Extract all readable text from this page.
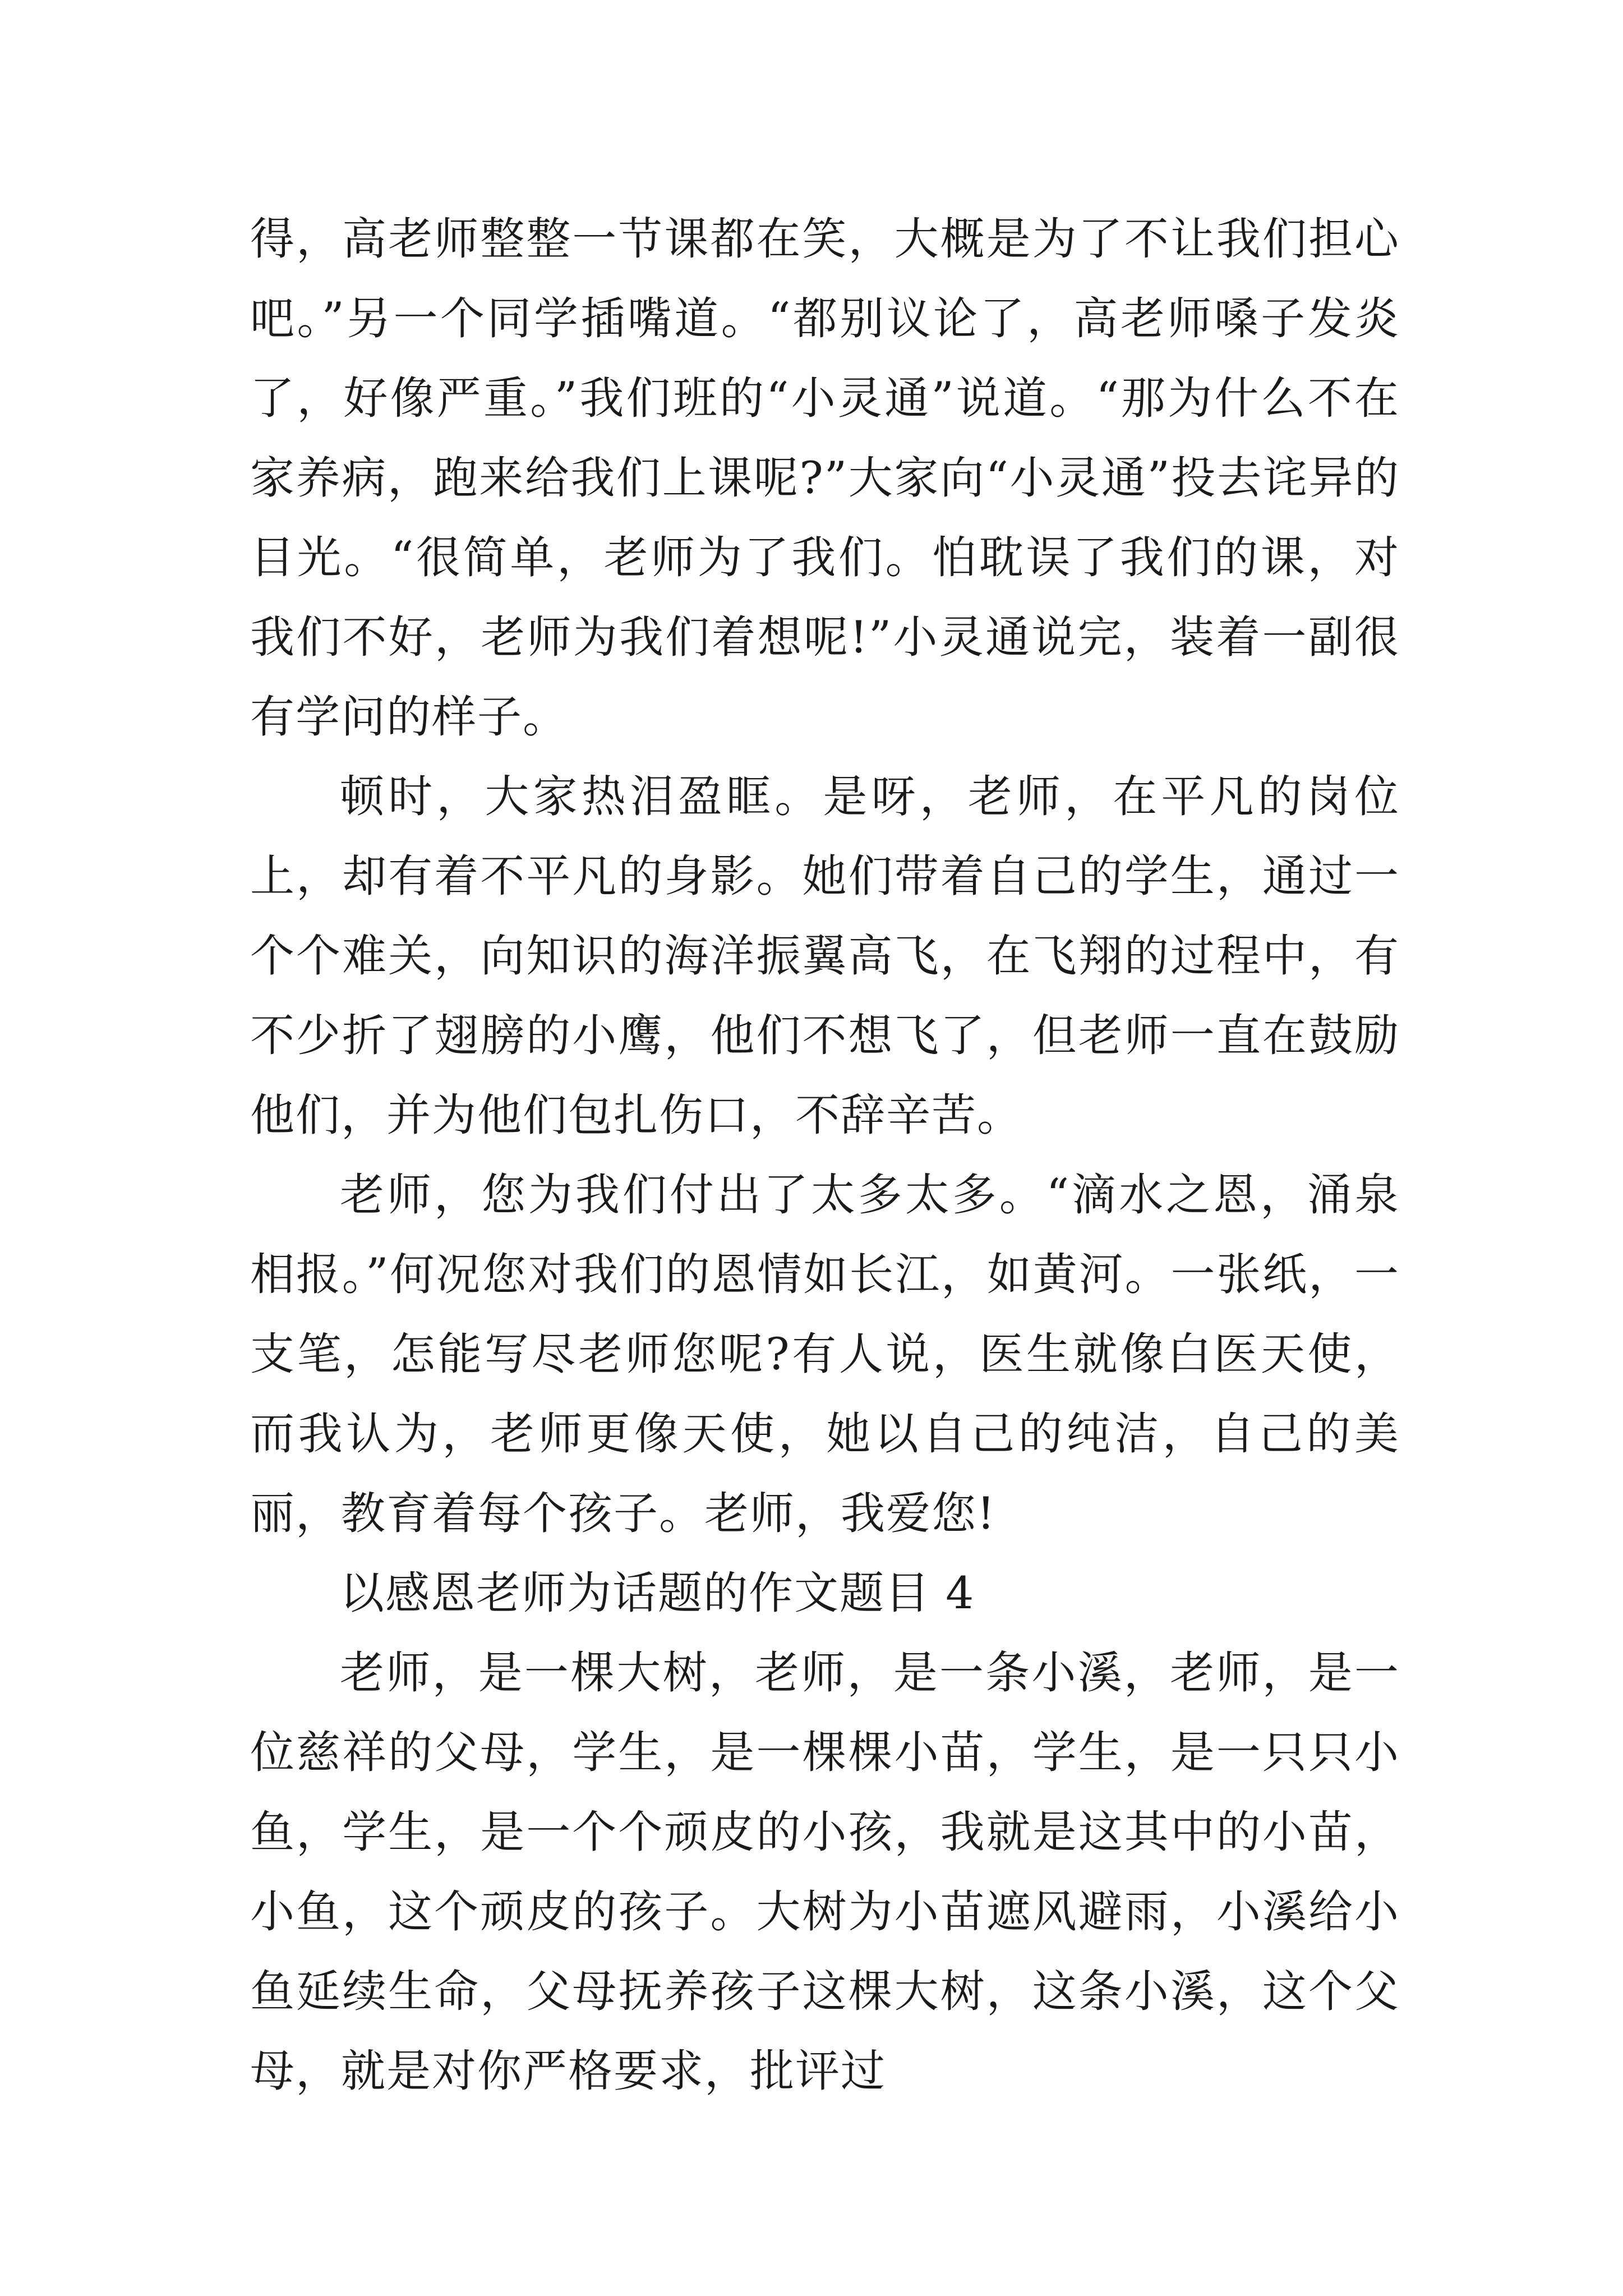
得，高老师整整一节课都在笑，大概是为了不让我们担心吧。”另一个同学插嘴道。“都别议论了，高老师嗓子发炎了，好像严重。”我们班的“小灵通”说道。“那为什么不在家养病，跑来给我们上课呢?”大家向“小灵通”投去诧异的目光。“很简单，老师为了我们。怕耽误了我们的课，对我们不好，老师为我们着想呢!”小灵通说完，装着一副很有学问的样子。

顿时，大家热泪盈眶。是呀，老师，在平凡的岗位上，却有着不平凡的身影。她们带着自己的学生，通过一个个难关，向知识的海洋振翼高飞，在飞翔的过程中，有不少折了翅膀的小鹰，他们不想飞了，但老师一直在鼓励他们，并为他们包扎伤口，不辞辛苦。

老师，您为我们付出了太多太多。“滴水之恩，涌泉相报。”何况您对我们的恩情如长江，如黄河。一张纸，一支笔，怎能写尽老师您呢?有人说，医生就像白医天使，而我认为，老师更像天使，她以自己的纯洁，自己的美丽，教育着每个孩子。老师，我爱您!

以感恩老师为话题的作文题目 4

老师，是一棵大树，老师，是一条小溪，老师，是一位慈祥的父母，学生，是一棵棵小苗，学生，是一只只小鱼，学生，是一个个顽皮的小孩，我就是这其中的小苗，小鱼，这个顽皮的孩子。大树为小苗遮风避雨，小溪给小鱼延续生命，父母抚养孩子这棵大树，这条小溪，这个父母，就是对你严格要求，批评过
